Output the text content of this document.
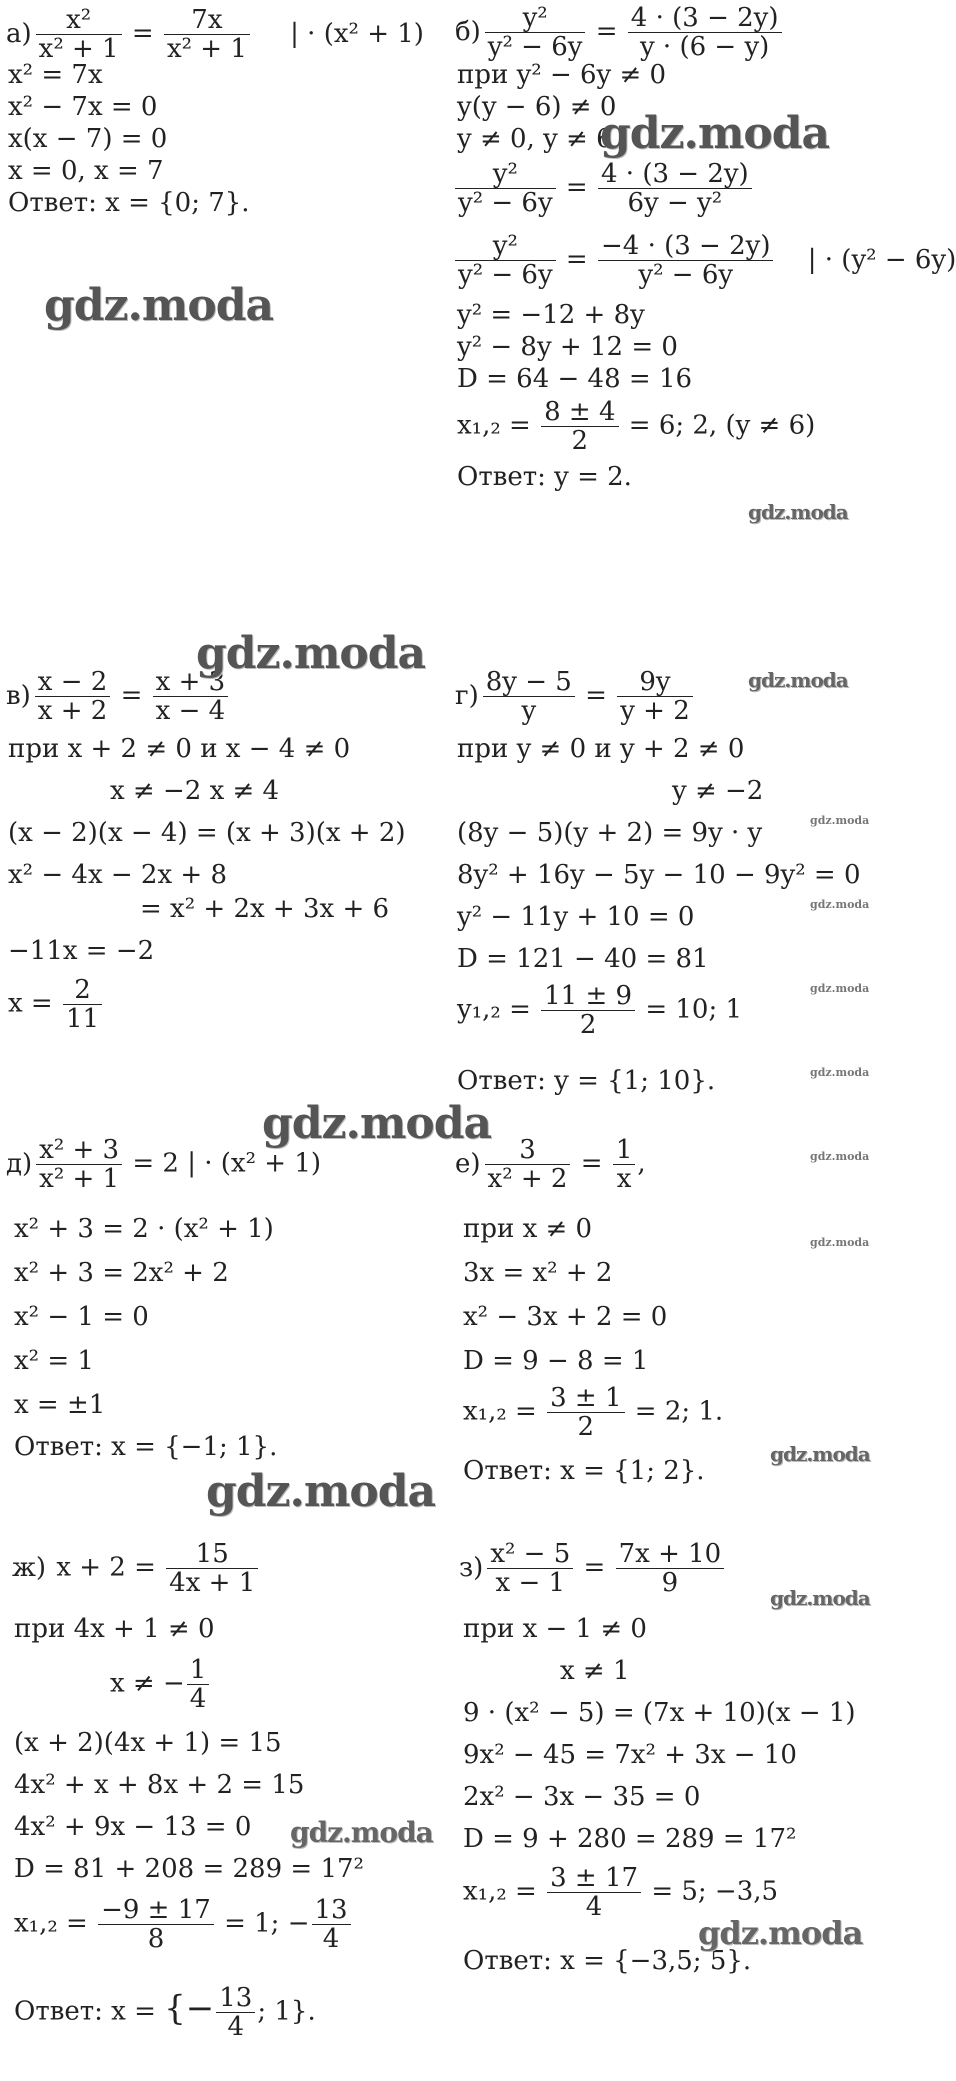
$а) \frac{\text{x²}}{\text{x² + 1}} = \frac{7x}{\text{x² + 1}}$ | · (x² + 1)
x² = 7x
x² − 7x = 0
x(x − 7) = 0
x = 0, x = 7
Ответ: x = {0; 7}.
$б) \frac{\text{y²}}{\text{y² − 6y}} = \frac{4 \cdot (3 - 2y)}{y \cdot (6 - y)}$
при y² − 6y ≠ 0
y(y − 6) ≠ 0
y ≠ 0, y ≠ 6
$\frac{\text{y²}}{\text{y² − 6y}} = \frac{4 \cdot (3 - 2y)}{\text{6y − y²}}$
$\frac{\text{y²}}{\text{y² − 6y}} = \frac{-4 \cdot (3 - 2y)}{\text{y² − 6y}}$ | · (y² − 6y)
y² = −12 + 8y
y² − 8y + 12 = 0
D = 64 − 48 = 16
$x_1,_2 = \frac{8 \pm 4}{2} = 6$; 2, (y ≠ 6)
Ответ: y = 2.
$в) \frac{x - 2}{x + 2} = \frac{x + 3}{x - 4}$
при x + 2 ≠ 0 и x − 4 ≠ 0
x ≠ −2 x ≠ 4
(x − 2)(x − 4) = (x + 3)(x + 2)
x² − 4x − 2x + 8
= x² + 2x + 3x + 6
−11x = −2
$x = \frac{2}{11}$
$г) \frac{8y - 5}{y} = \frac{9y}{y + 2}$
при y ≠ 0 и y + 2 ≠ 0
y ≠ −2
(8y − 5)(y + 2) = 9y · y
8y² + 16y − 5y − 10 − 9y² = 0
y² − 11y + 10 = 0
D = 121 − 40 = 81
$y_1,_2 = \frac{11 \pm 9}{2} = 10$; 1
Ответ: y = {1; 10}.
$д) \frac{\text{x² + 3}}{\text{x² + 1}} = 2$ | · (x² + 1)
x² + 3 = 2 · (x² + 1)
x² + 3 = 2x² + 2
x² − 1 = 0
x² = 1
x = ±1
Ответ: x = {−1; 1}.
$е) \frac{3}{\text{x² + 2}} = \frac{1}{x}$ ,
при x ≠ 0
3x = x² + 2
x² − 3x + 2 = 0
D = 9 − 8 = 1
$x_1,_2 = \frac{3 \pm 1}{2} = 2$; 1.
Ответ: x = {1; 2}.
ж) $x + 2 = \frac{15}{4x + 1}$
при 4x + 1 ≠ 0
x ≠ − $\frac{1}{4}$
(x + 2)(4x + 1) = 15
4x² + x + 8x + 2 = 15
4x² + 9x − 13 = 0
D = 81 + 208 = 289 = 17²
$x_1,_2 = \frac{-9 \pm 17}{8} = 1$; − $\frac{13}{4}$
Ответ: x = {− $\frac{13}{4}$ ; 1}.
$з) \frac{\text{x² − 5}}{x - 1} = \frac{7x + 10}{9}$
при x − 1 ≠ 0
x ≠ 1
9 · (x² − 5) = (7x + 10)(x − 1)
9x² − 45 = 7x² + 3x − 10
2x² − 3x − 35 = 0
D = 9 + 280 = 289 = 17²
$x_1,_2 = \frac{3 \pm 17}{4} = 5$; −3,5
Ответ: x = {−3,5; 5}.
gdz.moda
gdz.moda
gdz.moda
gdz.moda
gdz.moda
gdz.moda
gdz.moda
gdz.moda
gdz.moda
gdz.moda
gdz.moda
gdz.moda
gdz.moda
gdz.moda
gdz.moda
gdz.moda
gdz.moda
